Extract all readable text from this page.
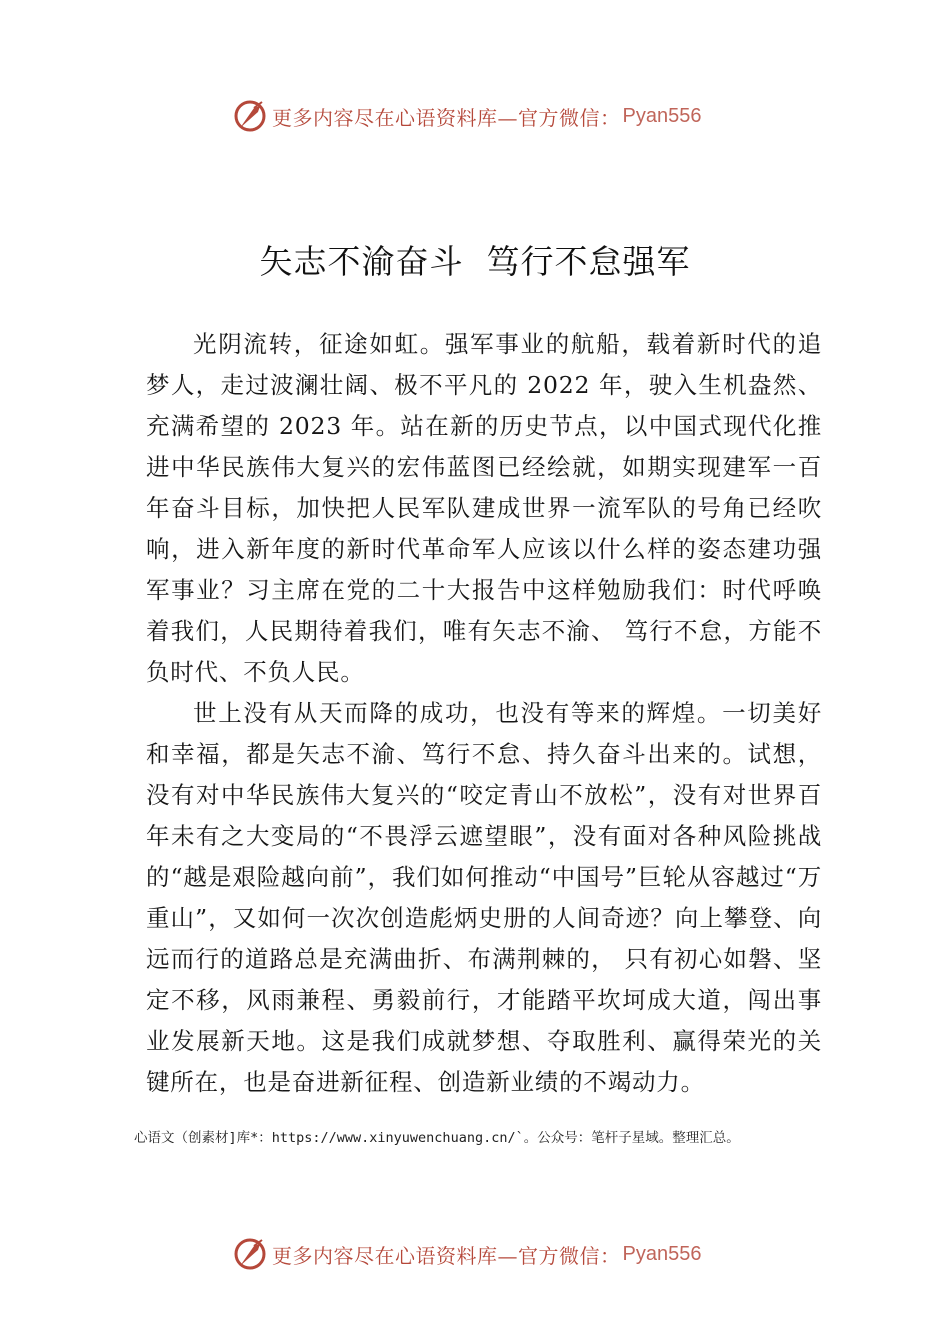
更多内容尽在心语资料库—官方微信： Pyan556
矢志不渝奋斗  笃行不怠强军

光阴流转，征途如虹。强军事业的航船，载着新时代的追梦人，走过波澜壮阔、极不平凡的 2022 年，驶入生机盎然、充满希望的 2023 年。站在新的历史节点，以中国式现代化推进中华民族伟大复兴的宏伟蓝图已经绘就，如期实现建军一百年奋斗目标，加快把人民军队建成世界一流军队的号角已经吹响，进入新年度的新时代革命军人应该以什么样的姿态建功强军事业？习主席在党的二十大报告中这样勉励我们：时代呼唤着我们，人民期待着我们，唯有矢志不渝、 笃行不怠，方能不负时代、不负人民。

世上没有从天而降的成功，也没有等来的辉煌。一切美好和幸福，都是矢志不渝、笃行不怠、持久奋斗出来的。试想，没有对中华民族伟大复兴的“咬定青山不放松”，没有对世界百年未有之大变局的“不畏浮云遮望眼”，没有面对各种风险挑战的“越是艰险越向前”，我们如何推动“中国号”巨轮从容越过“万重山”，又如何一次次创造彪炳史册的人间奇迹？向上攀登、向远而行的道路总是充满曲折、布满荆棘的， 只有初心如磐、坚定不移，风雨兼程、勇毅前行，才能踏平坎坷成大道，闯出事业发展新天地。这是我们成就梦想、夺取胜利、赢得荣光的关键所在，也是奋进新征程、创造新业绩的不竭动力。

心语文（创素材]库*：https://www.xinyuwenchuang.cn/`。公众号：笔杆子星域。整理汇总。
更多内容尽在心语资料库—官方微信： Pyan556
